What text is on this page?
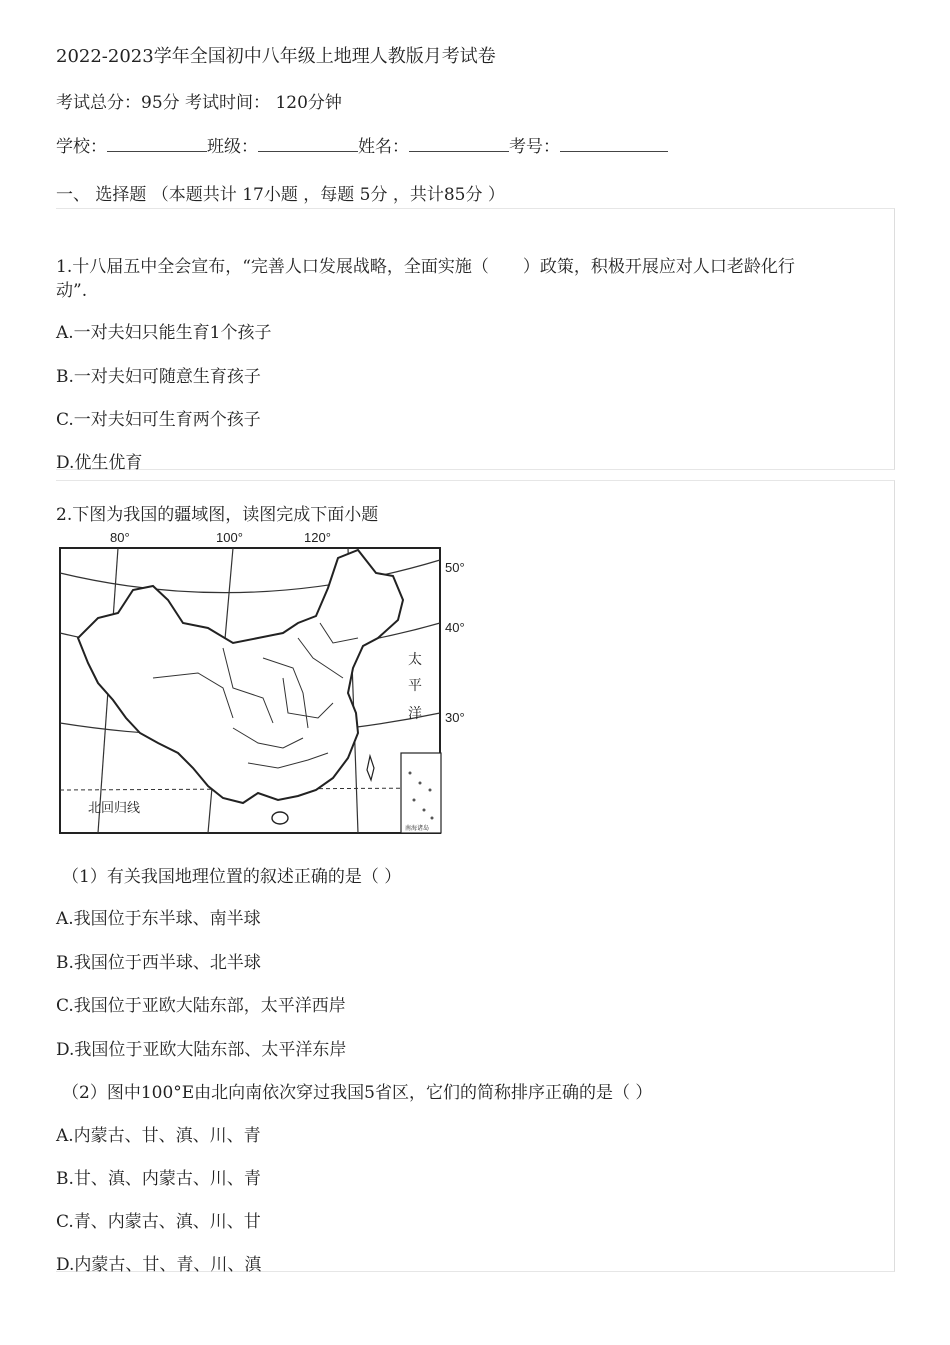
2022-2023学年全国初中八年级上地理人教版月考试卷
考试总分：95分 考试时间： 120分钟
学校：	班级：	姓名：	考号：
一、 选择题 （本题共计 17小题 ，每题 5分 ，共计85分 ）
1.十八届五中全会宣布，“完善人口发展战略，全面实施（　　）政策，积极开展应对人口老龄化行
动”.
A.一对夫妇只能生育1个孩子
B.一对夫妇可随意生育孩子
C.一对夫妇可生育两个孩子
D.优生优育
2.下图为我国的疆域图，读图完成下面小题
80°	100°	120°
50°
40°
30°
太
平
洋
北回归线
南海诸岛
（1）有关我国地理位置的叙述正确的是（ ）
A.我国位于东半球、南半球
B.我国位于西半球、北半球
C.我国位于亚欧大陆东部，太平洋西岸
D.我国位于亚欧大陆东部、太平洋东岸
（2）图中100°E由北向南依次穿过我国5省区，它们的简称排序正确的是（ ）
A.内蒙古、甘、滇、川、青
B.甘、滇、内蒙古、川、青
C.青、内蒙古、滇、川、甘
D.内蒙古、甘、青、川、滇
